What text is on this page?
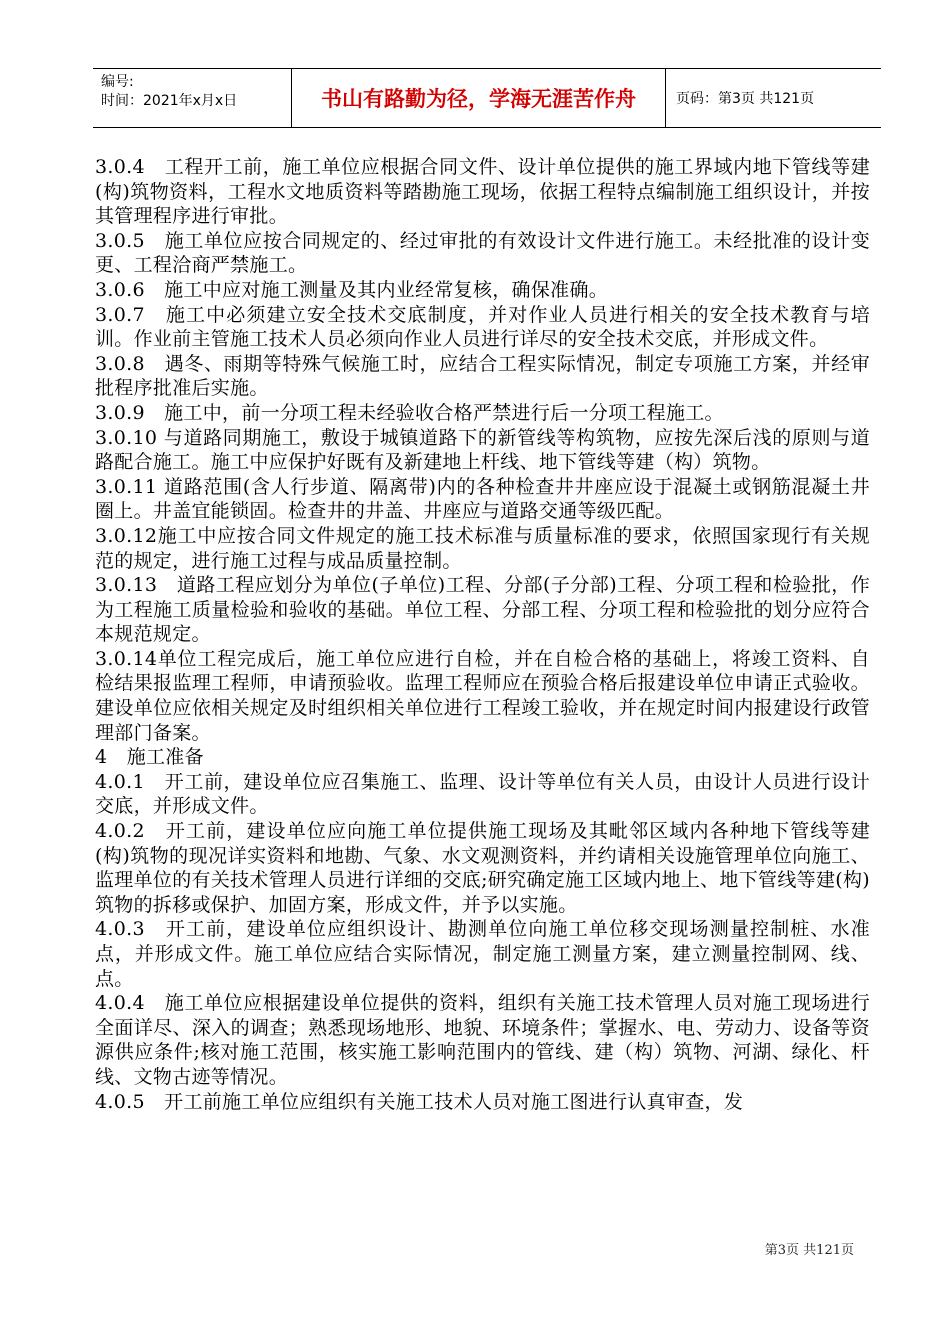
编号:
时间：2021年x月x日	书山有路勤为径，学海无涯苦作舟	页码：第3页 共121页

3.0.4　工程开工前，施工单位应根据合同文件、设计单位提供的施工界域内地下管线等建(构)筑物资料，工程水文地质资料等踏勘施工现场，依据工程特点编制施工组织设计，并按其管理程序进行审批。

3.0.5　施工单位应按合同规定的、经过审批的有效设计文件进行施工。未经批准的设计变更、工程洽商严禁施工。

3.0.6　施工中应对施工测量及其内业经常复核，确保准确。

3.0.7　施工中必须建立安全技术交底制度，并对作业人员进行相关的安全技术教育与培训。作业前主管施工技术人员必须向作业人员进行详尽的安全技术交底，并形成文件。

3.0.8　遇冬、雨期等特殊气候施工时，应结合工程实际情况，制定专项施工方案，并经审批程序批准后实施。

3.0.9　施工中，前一分项工程未经验收合格严禁进行后一分项工程施工。

3.0.10 与道路同期施工，敷设于城镇道路下的新管线等构筑物，应按先深后浅的原则与道路配合施工。施工中应保护好既有及新建地上杆线、地下管线等建（构）筑物。

3.0.11 道路范围(含人行步道、隔离带)内的各种检查井井座应设于混凝土或钢筋混凝土井圈上。井盖宜能锁固。检查井的井盖、井座应与道路交通等级匹配。

3.0.12施工中应按合同文件规定的施工技术标准与质量标准的要求，依照国家现行有关规范的规定，进行施工过程与成品质量控制。

3.0.13　道路工程应划分为单位(子单位)工程、分部(子分部)工程、分项工程和检验批，作为工程施工质量检验和验收的基础。单位工程、分部工程、分项工程和检验批的划分应符合本规范规定。

3.0.14单位工程完成后，施工单位应进行自检，并在自检合格的基础上，将竣工资料、自检结果报监理工程师，申请预验收。监理工程师应在预验合格后报建设单位申请正式验收。建设单位应依相关规定及时组织相关单位进行工程竣工验收，并在规定时间内报建设行政管理部门备案。

4　施工准备

4.0.1　开工前，建设单位应召集施工、监理、设计等单位有关人员，由设计人员进行设计交底，并形成文件。

4.0.2　开工前，建设单位应向施工单位提供施工现场及其毗邻区域内各种地下管线等建(构)筑物的现况详实资料和地勘、气象、水文观测资料，并约请相关设施管理单位向施工、监理单位的有关技术管理人员进行详细的交底;研究确定施工区域内地上、地下管线等建(构)筑物的拆移或保护、加固方案，形成文件，并予以实施。

4.0.3　开工前，建设单位应组织设计、勘测单位向施工单位移交现场测量控制桩、水准点，并形成文件。施工单位应结合实际情况，制定施工测量方案，建立测量控制网、线、点。

4.0.4　施工单位应根据建设单位提供的资料，组织有关施工技术管理人员对施工现场进行全面详尽、深入的调查；熟悉现场地形、地貌、环境条件；掌握水、电、劳动力、设备等资源供应条件;核对施工范围，核实施工影响范围内的管线、建（构）筑物、河湖、绿化、杆线、文物古迹等情况。

4.0.5　开工前施工单位应组织有关施工技术人员对施工图进行认真审查，发

第3页 共121页
